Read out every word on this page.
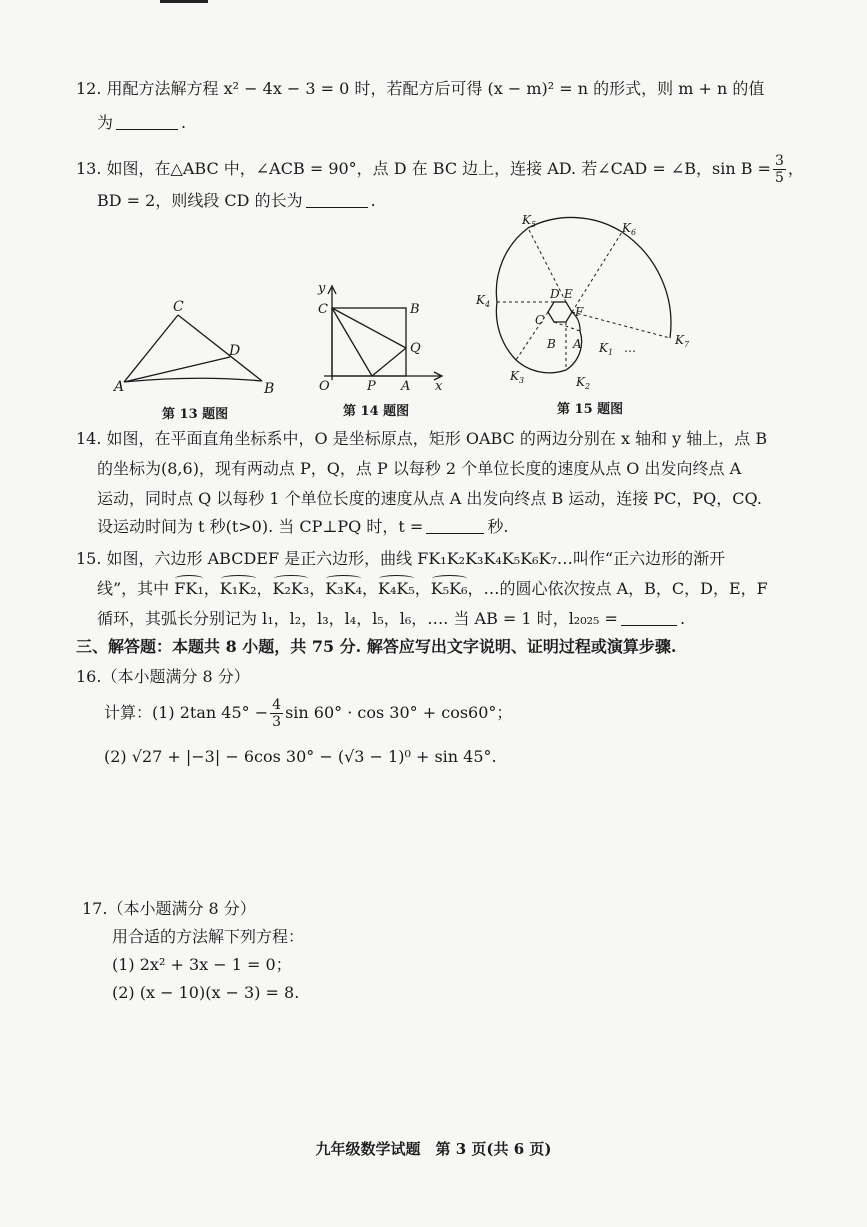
12. 用配方法解方程 x² − 4x − 3 = 0 时，若配方后可得 (x − m)² = n 的形式，则 m + n 的值
为	.
13. 如图，在△ABC 中，∠ACB = 90°，点 D 在 BC 边上，连接 AD. 若∠CAD = ∠B，$\sin B = \frac{3}{5}$ ，
BD = 2，则线段 CD 的长为	.
C
D
A	B
第 13 题图
y
C	B
Q
O	P A x
第 14 题图
$K_5$	$K_6$
$K_4$
D E
C
F
B A $K_1$ …
$K_7$
$K_3$	$K_2$
第 15 题图
14. 如图，在平面直角坐标系中，O 是坐标原点，矩形 OABC 的两边分别在 x 轴和 y 轴上，点 B
的坐标为(8,6)，现有两动点 P，Q，点 P 以每秒 2 个单位长度的速度从点 O 出发向终点 A
运动，同时点 Q 以每秒 1 个单位长度的速度从点 A 出发向终点 B 运动，连接 PC，PQ，CQ.
设运动时间为 t 秒(t>0). 当 CP⊥PQ 时，t =	秒.
15. 如图，六边形 ABCDEF 是正六边形，曲线 FK₁K₂K₃K₄K₅K₆K₇…叫作“正六边形的渐开
线”，其中 FK₁，K₁K₂，K₂K₃，K₃K₄，K₄K₅，K₅K₆，…的圆心依次按点 A，B，C，D，E，F
循环，其弧长分别记为 l₁，l₂，l₃，l₄，l₅，l₆，…. 当 AB = 1 时，l₂₀₂₅ =	.
三、解答题：本题共 8 小题，共 75 分. 解答应写出文字说明、证明过程或演算步骤.
16.（本小题满分 8 分）
计算：(1) 2tan $45^\circ - \frac{4}{3}$ sin 60° · cos 30° + cos60°；
(2) √27 + |−3| − 6cos 30° − (√3 − 1)⁰ + sin 45°.
17.（本小题满分 8 分）
用合适的方法解下列方程：
(1) 2x² + 3x − 1 = 0；
(2) (x − 10)(x − 3) = 8.
九年级数学试题　第 3 页(共 6 页)
